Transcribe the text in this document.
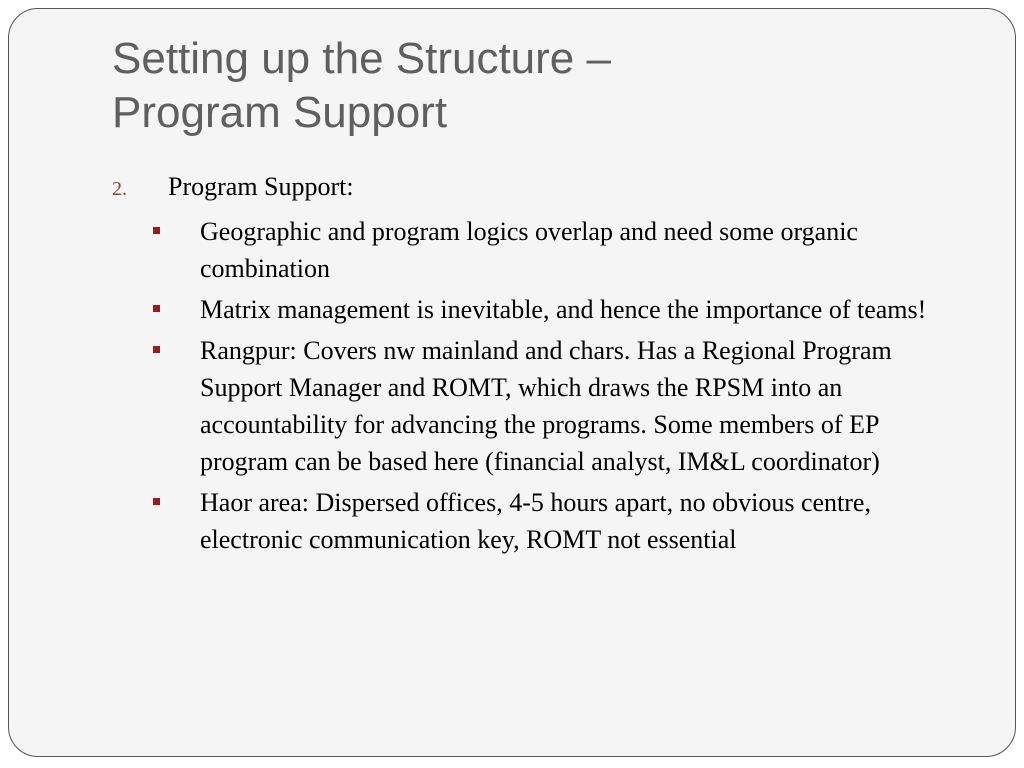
Setting up the Structure –
Program Support
2. Program Support:
Geographic and program logics overlap and need some organic combination
Matrix management is inevitable, and hence the importance of teams!
Rangpur: Covers nw mainland and chars. Has a Regional Program Support Manager and ROMT, which draws the RPSM into an accountability for advancing the programs. Some members of EP program can be based here (financial analyst, IM&L coordinator)
Haor area: Dispersed offices, 4-5 hours apart, no obvious centre, electronic communication key, ROMT not essential
